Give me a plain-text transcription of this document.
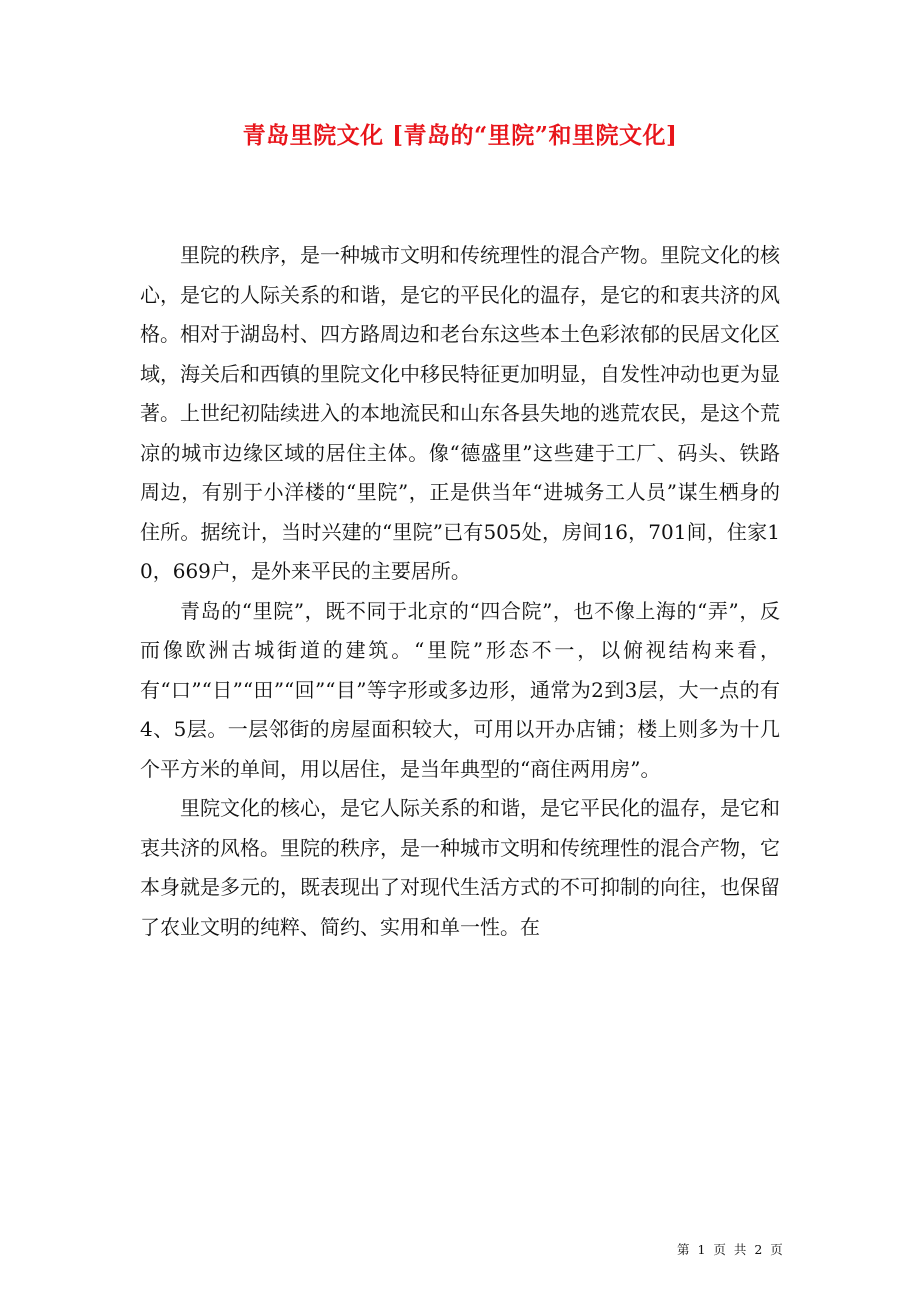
青岛里院文化 [青岛的“里院”和里院文化]

里院的秩序，是一种城市文明和传统理性的混合产物。里院文化的核心，是它的人际关系的和谐，是它的平民化的温存，是它的和衷共济的风格。相对于湖岛村、四方路周边和老台东这些本土色彩浓郁的民居文化区域，海关后和西镇的里院文化中移民特征更加明显，自发性冲动也更为显著。上世纪初陆续进入的本地流民和山东各县失地的逃荒农民，是这个荒凉的城市边缘区域的居住主体。像“德盛里”这些建于工厂、码头、铁路周边，有别于小洋楼的“里院”，正是供当年“进城务工人员”谋生栖身的住所。据统计，当时兴建的“里院”已有505处，房间16，701间，住家10，669户，是外来平民的主要居所。

青岛的“里院”，既不同于北京的“四合院”，也不像上海的“弄”，反而像欧洲古城街道的建筑。“里院”形态不一，以俯视结构来看，有“口”“日”“田”“回”“目”等字形或多边形，通常为2到3层，大一点的有4、5层。一层邻街的房屋面积较大，可用以开办店铺；楼上则多为十几个平方米的单间，用以居住，是当年典型的“商住两用房”。

里院文化的核心，是它人际关系的和谐，是它平民化的温存，是它和衷共济的风格。里院的秩序，是一种城市文明和传统理性的混合产物，它本身就是多元的，既表现出了对现代生活方式的不可抑制的向往，也保留了农业文明的纯粹、简约、实用和单一性。在

第 1 页 共 2 页
